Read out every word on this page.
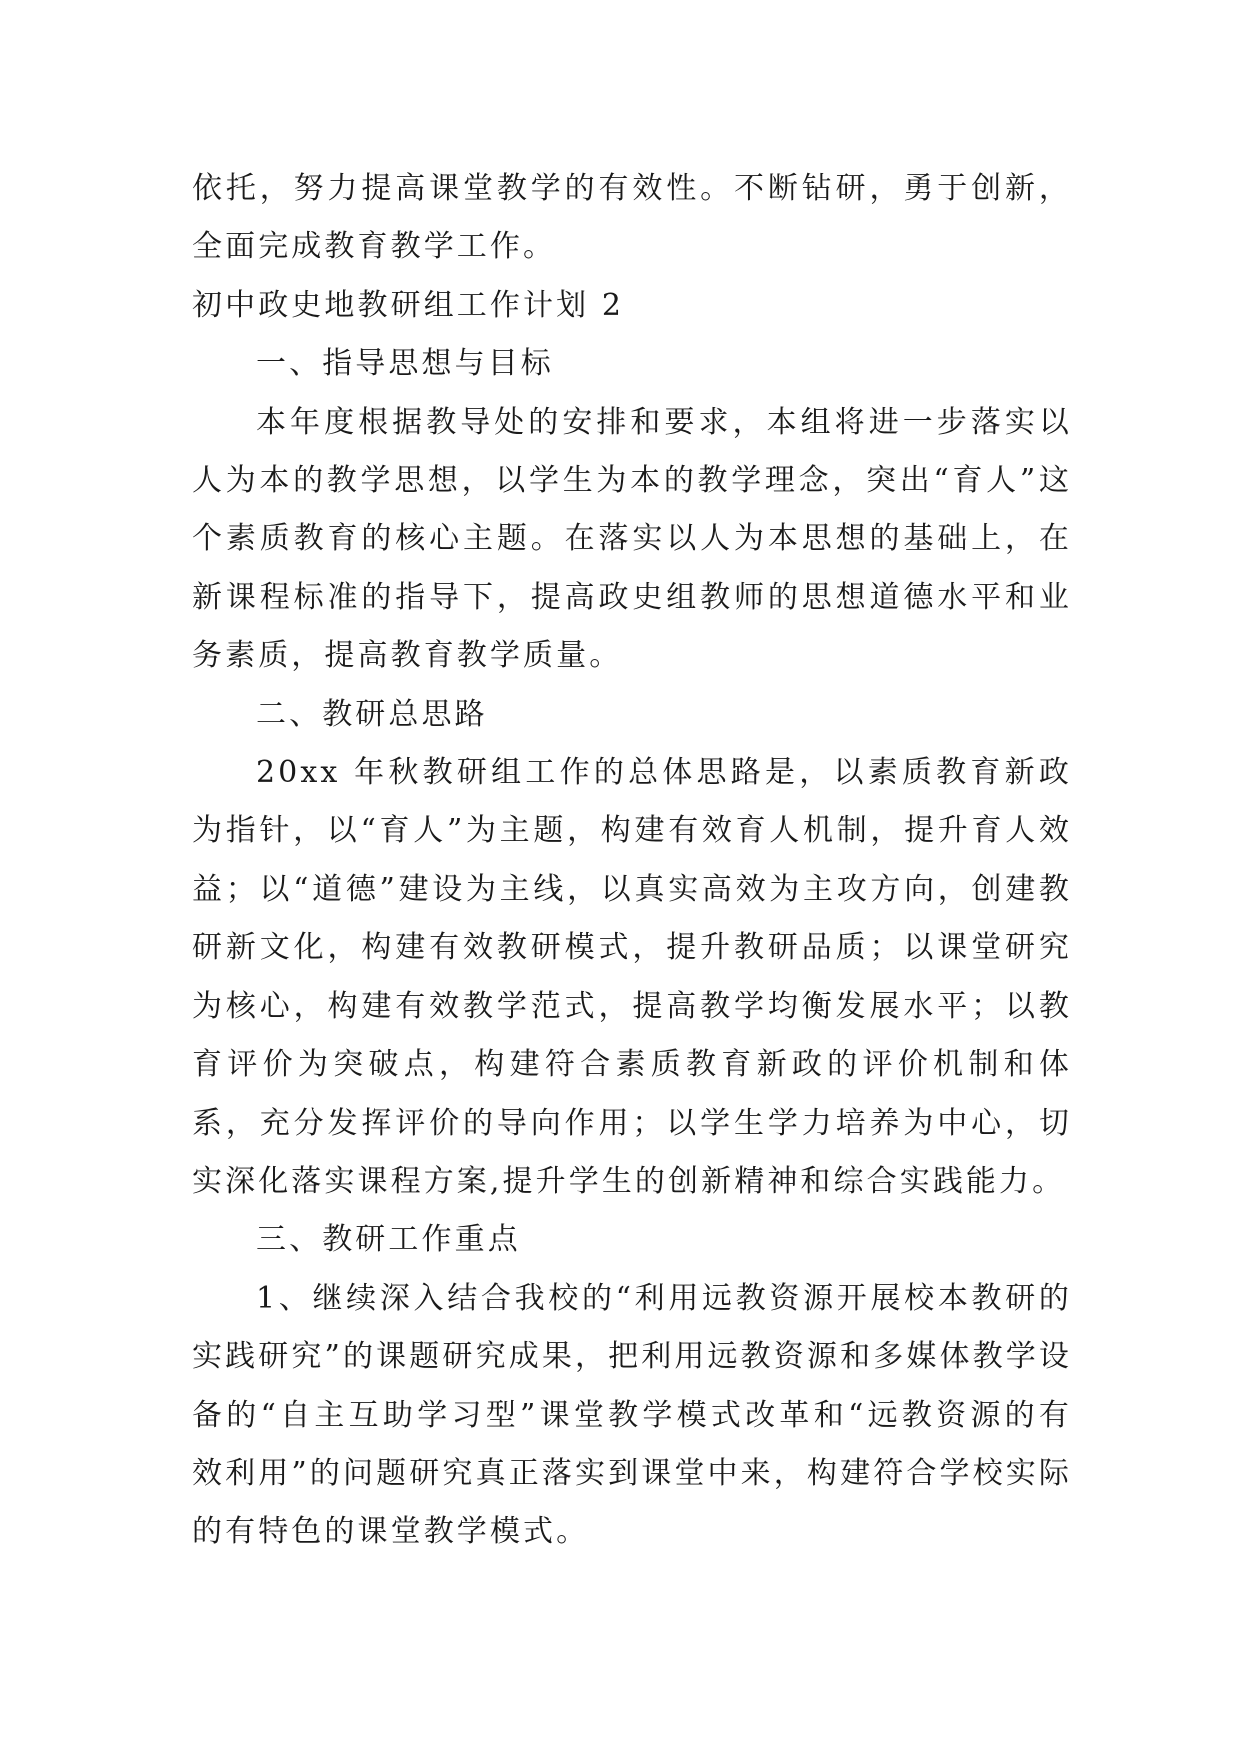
依托，努力提高课堂教学的有效性。不断钻研，勇于创新，全面完成教育教学工作。

初中政史地教研组工作计划 2

一、指导思想与目标

本年度根据教导处的安排和要求，本组将进一步落实以人为本的教学思想，以学生为本的教学理念，突出“育人”这个素质教育的核心主题。在落实以人为本思想的基础上，在新课程标准的指导下，提高政史组教师的思想道德水平和业务素质，提高教育教学质量。

二、教研总思路

20xx 年秋教研组工作的总体思路是，以素质教育新政为指针，以“育人”为主题，构建有效育人机制，提升育人效益；以“道德”建设为主线，以真实高效为主攻方向，创建教研新文化，构建有效教研模式，提升教研品质；以课堂研究为核心，构建有效教学范式，提高教学均衡发展水平；以教育评价为突破点，构建符合素质教育新政的评价机制和体系，充分发挥评价的导向作用；以学生学力培养为中心，切实深化落实课程方案,提升学生的创新精神和综合实践能力。

三、教研工作重点

1、继续深入结合我校的“利用远教资源开展校本教研的实践研究”的课题研究成果，把利用远教资源和多媒体教学设备的“自主互助学习型”课堂教学模式改革和“远教资源的有效利用”的问题研究真正落实到课堂中来，构建符合学校实际的有特色的课堂教学模式。
